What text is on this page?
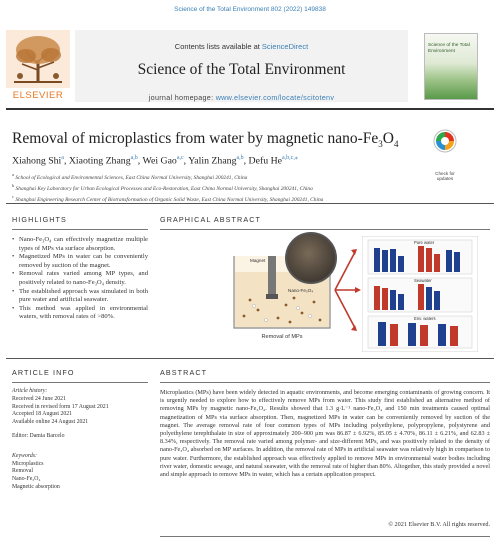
Science of the Total Environment 802 (2022) 149838
ELSEVIER
Contents lists available at ScienceDirect
Science of the Total Environment
journal homepage: www.elsevier.com/locate/scitotenv
Science of the Total Environment
Removal of microplastics from water by magnetic nano-$Fe_3O_4$
Check for updates
Xiahong Shi$^a$, Xiaoting Zhang$^{a,b}$, Wei Gao$^{a,c}$, Yalin Zhang$^{a,b}$, Defu $He^{a,b,c,⁎}$
$^a$ School of Ecological and Environmental Sciences, East China Normal University, Shanghai 200241, China
$^b$ Shanghai Key Laboratory for Urban Ecological Processes and Eco-Restoration, East China Normal University, Shanghai 200241, China
$^c$ Shanghai Engineering Research Center of Biotransformation of Organic Solid Waste, East China Normal University, Shanghai 200241, China
HIGHLIGHTS
• Nano-Fe₃O₄ can effectively magnetize multiple types of MPs via surface absorption.
• Magnetized MPs in water can be conveniently removed by suction of the magnet.
• Removal rates varied among MP types, and positively related to nano-Fe₃O₄ density.
• The established approach was simulated in both pure water and artificial seawater.
• This method was applied in environmental waters, with removal rates of >80%.
GRAPHICAL ABSTRACT
Magnet
Nano-Fe₃O₄
Removal of MPs
Pure water
Seawater
Env. waters
ARTICLE INFO
Article history:
Received 24 June 2021
Received in revised form 17 August 2021
Accepted 18 August 2021
Available online 24 August 2021
Editor: Damia Barcelo
Keywords:
Microplastics
Removal
Nano-Fe₃O₄
Magnetic absorption
ABSTRACT
Microplastics (MPs) have been widely detected in aquatic environments, and become emerging contaminants of growing concern. It is urgently needed to explore how to effectively remove MPs from water. This study first established an alternative method of removing MPs by magnetic nano-Fe₃O₄. Results showed that 1.3 g·L⁻¹ nano-Fe₃O₄ and 150 min treatments caused optimal magnetization of MPs via surface absorption. Then, magnetized MPs in water can be conveniently removed by suction of the magnet. The average removal rate of four common types of MPs including polyethylene, polypropylene, polystyrene and polyethylene terephthalate in size of approximately 200–900 μm was 86.87 ± 6.92%, 85.05 ± 4.70%, 86.11 ± 6.21%, and 62.83 ± 8.34%, respectively. The removal rate varied among polymer- and size-different MPs, and was positively related to the density of nano-Fe₃O₄ absorbed on MP surfaces. In addition, the removal rate of MPs in artificial seawater was relatively high in comparison to pure water. Furthermore, the established approach was effectively applied to remove MPs in environmental water bodies including river water, domestic sewage, and natural seawater, with the removal rate of higher than 80%. Altogether, this study provided a novel and simple approach to remove MPs in water, which has a certain application prospect.
© 2021 Elsevier B.V. All rights reserved.
